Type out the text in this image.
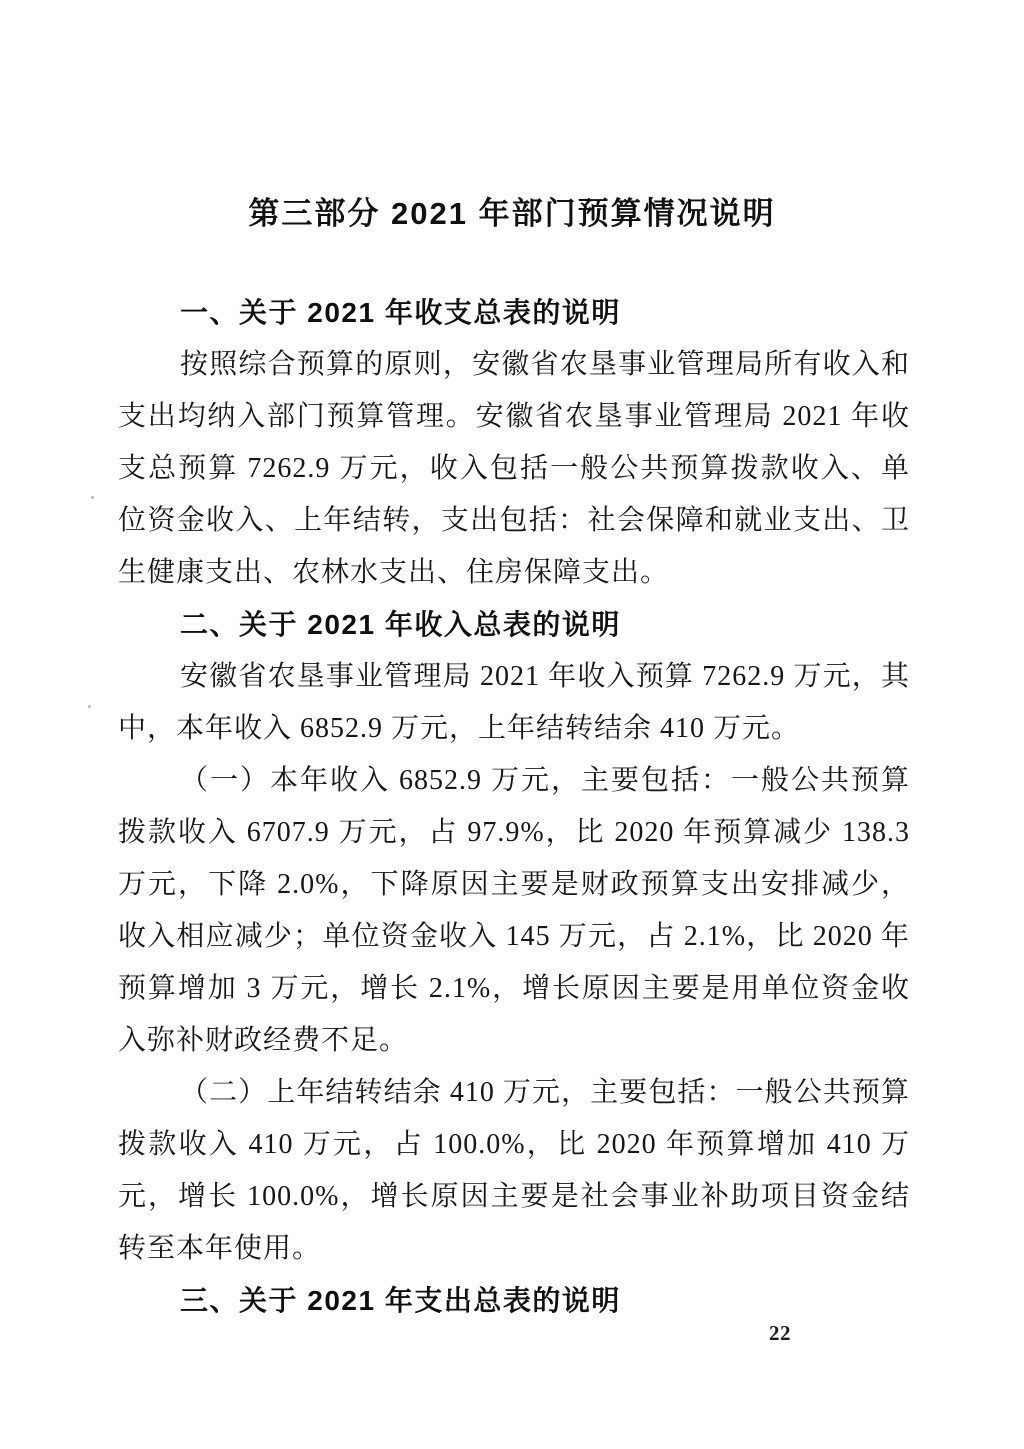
第三部分 2021 年部门预算情况说明

一、关于 2021 年收支总表的说明

按照综合预算的原则，安徽省农垦事业管理局所有收入和支出均纳入部门预算管理。安徽省农垦事业管理局 2021 年收支总预算 7262.9 万元，收入包括一般公共预算拨款收入、单位资金收入、上年结转，支出包括：社会保障和就业支出、卫生健康支出、农林水支出、住房保障支出。

二、关于 2021 年收入总表的说明

安徽省农垦事业管理局 2021 年收入预算 7262.9 万元，其中，本年收入 6852.9 万元，上年结转结余 410 万元。

（一）本年收入 6852.9 万元，主要包括：一般公共预算拨款收入 6707.9 万元，占 97.9%，比 2020 年预算减少 138.3 万元，下降 2.0%，下降原因主要是财政预算支出安排减少，收入相应减少；单位资金收入 145 万元，占 2.1%，比 2020 年预算增加 3 万元，增长 2.1%，增长原因主要是用单位资金收入弥补财政经费不足。

（二）上年结转结余 410 万元，主要包括：一般公共预算拨款收入 410 万元，占 100.0%，比 2020 年预算增加 410 万元，增长 100.0%，增长原因主要是社会事业补助项目资金结转至本年使用。

三、关于 2021 年支出总表的说明

22
